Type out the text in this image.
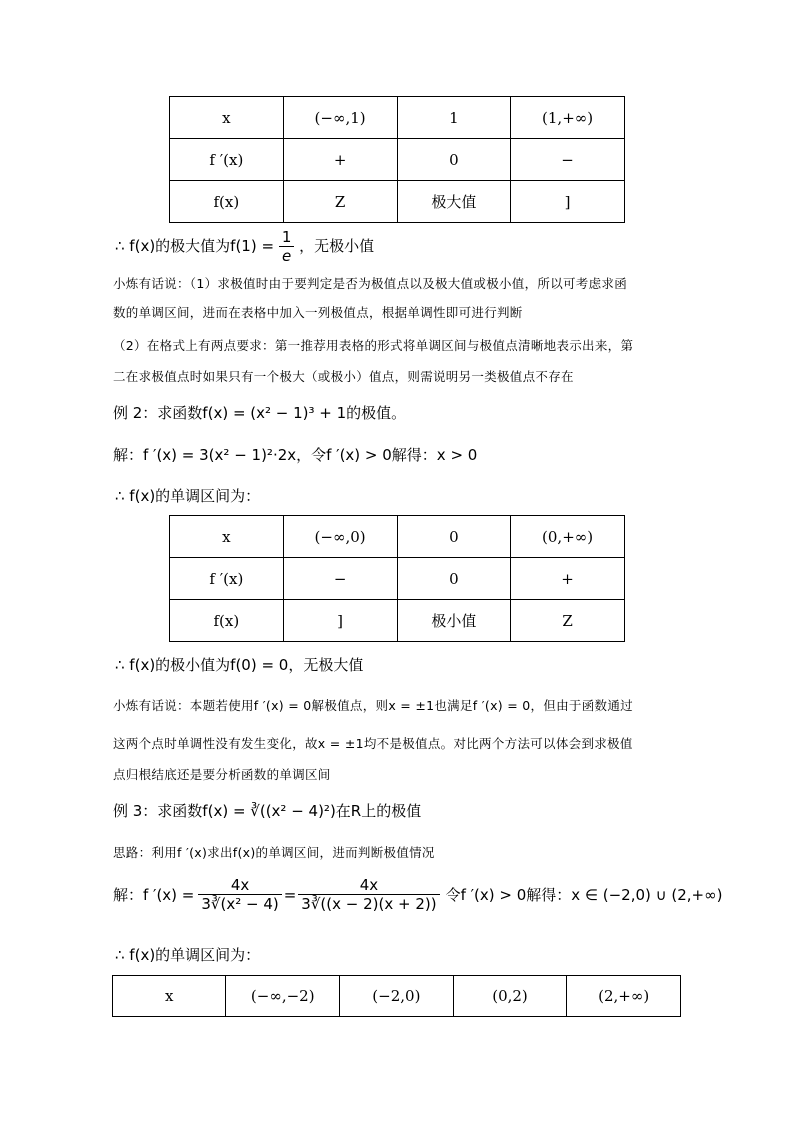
x	(−∞,1)	1	(1,+∞)
f ′(x)	+	0	−
f(x)	Z	极大值	]
∴ f(x)的极大值为$f(1) = \frac{1}{e}$ ，无极小值
小炼有话说：（1）求极值时由于要判定是否为极值点以及极大值或极小值，所以可考虑求函
数的单调区间，进而在表格中加入一列极值点，根据单调性即可进行判断
（2）在格式上有两点要求：第一推荐用表格的形式将单调区间与极值点清晰地表示出来，第
二在求极值点时如果只有一个极大（或极小）值点，则需说明另一类极值点不存在
例 2：求函数f(x) = (x² − 1)³ + 1的极值。
解：f ′(x) = 3(x² − 1)²·2x，令f ′(x) > 0解得：x > 0
∴ f(x)的单调区间为：
x	(−∞,0)	0	(0,+∞)
f ′(x)	−	0	+
f(x)	]	极小值	Z
∴ f(x)的极小值为f(0) = 0，无极大值
小炼有话说：本题若使用f ′(x) = 0解极值点，则x = ±1也满足f ′(x) = 0，但由于函数通过
这两个点时单调性没有发生变化，故x = ±1均不是极值点。对比两个方法可以体会到求极值
点归根结底还是要分析函数的单调区间
例 3：求函数f(x) = ∛((x² − 4)²)在R上的极值
思路：利用f ′(x)求出f(x)的单调区间，进而判断极值情况
解：f $'(x) = \frac{4x}{\text{3∛(x² − 4)}} = \frac{4x}{3∛((x - 2)(x + 2))}$ 令f ′(x) > 0解得：x ∈ (−2,0) ∪ (2,+∞)
∴ f(x)的单调区间为：
x	(−∞,−2)	(−2,0)	(0,2)	(2,+∞)
